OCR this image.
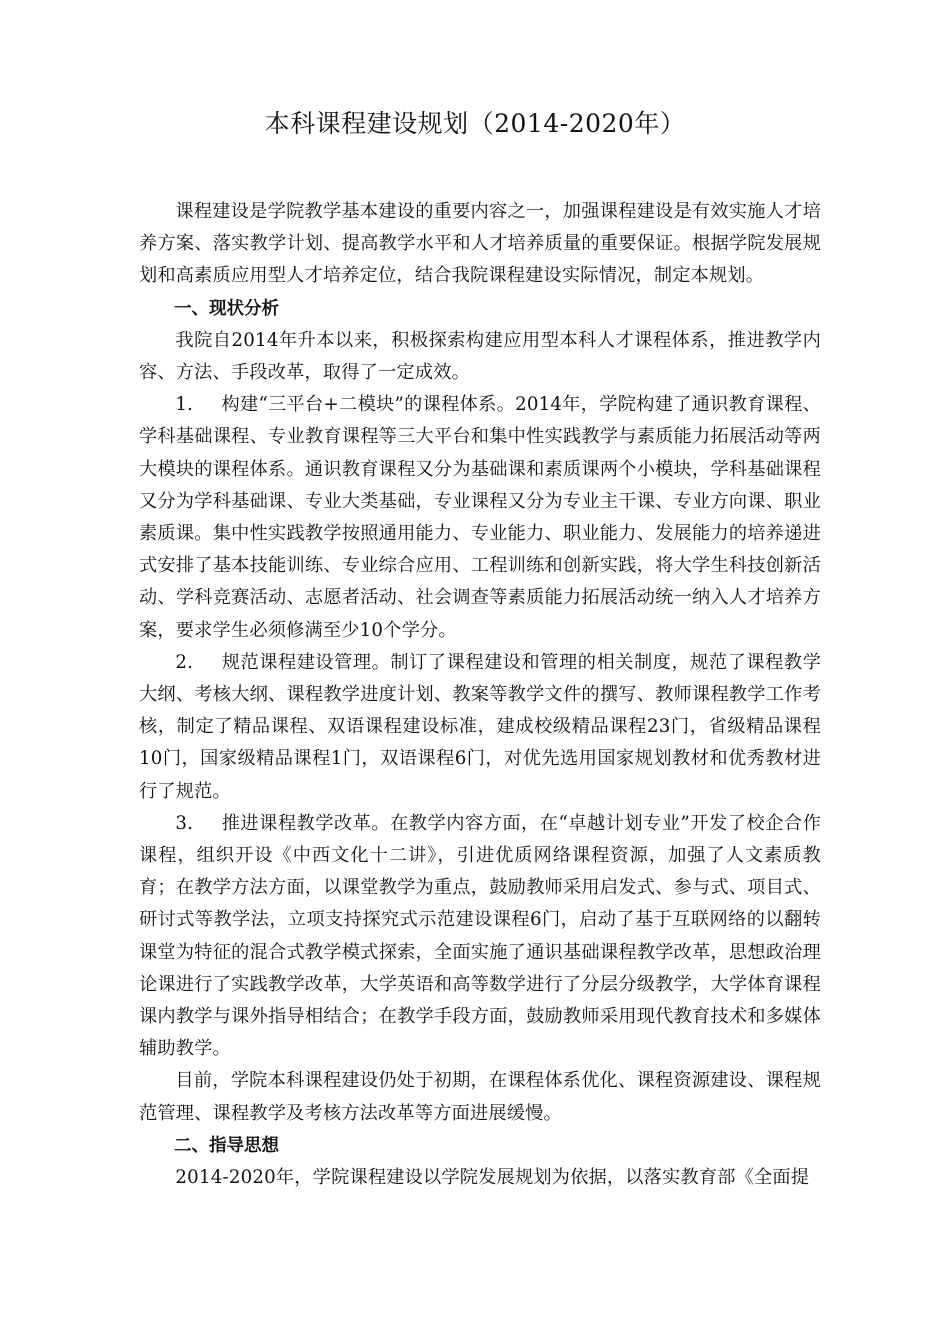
本科课程建设规划（2014-2020年）

课程建设是学院教学基本建设的重要内容之一，加强课程建设是有效实施人才培养方案、落实教学计划、提高教学水平和人才培养质量的重要保证。根据学院发展规划和高素质应用型人才培养定位，结合我院课程建设实际情况，制定本规划。

一、现状分析

我院自2014年升本以来，积极探索构建应用型本科人才课程体系，推进教学内容、方法、手段改革，取得了一定成效。

1. 构建“三平台+二模块”的课程体系。2014年，学院构建了通识教育课程、学科基础课程、专业教育课程等三大平台和集中性实践教学与素质能力拓展活动等两大模块的课程体系。通识教育课程又分为基础课和素质课两个小模块，学科基础课程又分为学科基础课、专业大类基础，专业课程又分为专业主干课、专业方向课、职业素质课。集中性实践教学按照通用能力、专业能力、职业能力、发展能力的培养递进式安排了基本技能训练、专业综合应用、工程训练和创新实践，将大学生科技创新活动、学科竞赛活动、志愿者活动、社会调查等素质能力拓展活动统一纳入人才培养方案，要求学生必须修满至少10个学分。

2. 规范课程建设管理。制订了课程建设和管理的相关制度，规范了课程教学大纲、考核大纲、课程教学进度计划、教案等教学文件的撰写、教师课程教学工作考核，制定了精品课程、双语课程建设标准，建成校级精品课程23门，省级精品课程10门，国家级精品课程1门，双语课程6门，对优先选用国家规划教材和优秀教材进行了规范。

3. 推进课程教学改革。在教学内容方面，在“卓越计划专业”开发了校企合作课程，组织开设《中西文化十二讲》，引进优质网络课程资源，加强了人文素质教育；在教学方法方面，以课堂教学为重点，鼓励教师采用启发式、参与式、项目式、研讨式等教学法，立项支持探究式示范建设课程6门，启动了基于互联网络的以翻转课堂为特征的混合式教学模式探索，全面实施了通识基础课程教学改革，思想政治理论课进行了实践教学改革，大学英语和高等数学进行了分层分级教学，大学体育课程课内教学与课外指导相结合；在教学手段方面，鼓励教师采用现代教育技术和多媒体辅助教学。

目前，学院本科课程建设仍处于初期，在课程体系优化、课程资源建设、课程规范管理、课程教学及考核方法改革等方面进展缓慢。

二、指导思想

2014-2020年，学院课程建设以学院发展规划为依据，以落实教育部《全面提
